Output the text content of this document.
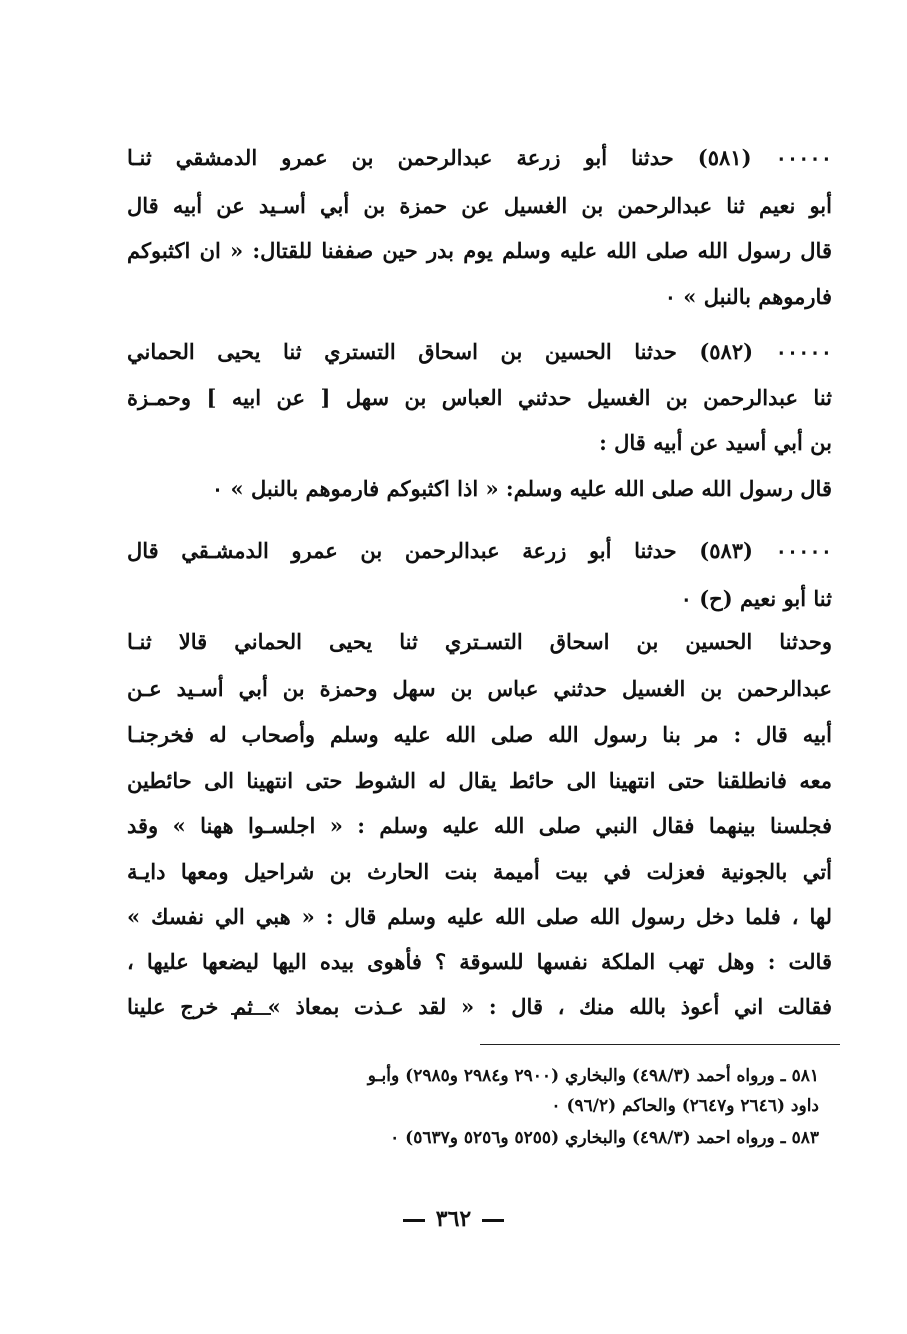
٠٠٠٠٠ (٥٨١) حدثنا أبو زرعة عبدالرحمن بن عمرو الدمشقي ثنـا
أبو نعيم ثنا عبدالرحمن بن الغسيل عن حمزة بن أبي أسـيد عن أبيه قال
قال رسول الله صلى الله عليه وسلم يوم بدر حين صففنا للقتال: « ان اكثبوكم
فارموهم بالنبل » ٠
٠٠٠٠٠ (٥٨٢) حدثنا الحسين بن اسحاق التستري ثنا يحيى الحماني
ثنا عبدالرحمن بن الغسيل حدثني العباس بن سهل [ عن ابيه ] وحمـزة
بن أبي أسيد عن أبيه قال :
قال رسول الله صلى الله عليه وسلم: « اذا اكثبوكم فارموهم بالنبل » ٠
٠٠٠٠٠ (٥٨٣) حدثنا أبو زرعة عبدالرحمن بن عمرو الدمشـقي قال
ثنا أبو نعيم (ح) ٠
وحدثنا الحسين بن اسحاق التسـتري ثنا يحيى الحماني قالا ثنـا
عبدالرحمن بن الغسيل حدثني عباس بن سهل وحمزة بن أبي أسـيد عـن
أبيه قال : مر بنا رسول الله صلى الله عليه وسلم وأصحاب له فخرجنـا
معه فانطلقنا حتى انتهينا الى حائط يقال له الشوط حتى انتهينا الى حائطين
فجلسنا بينهما فقال النبي صلى الله عليه وسلم : « اجلسـوا ههنا » وقد
أتي بالجونية فعزلت في بيت أميمة بنت الحارث بن شراحيل ومعها دايـة
لها ، فلما دخل رسول الله صلى الله عليه وسلم قال : « هبي الي نفسك »
قالت : وهل تهب الملكة نفسها للسوقة ؟ فأهوى بيده اليها ليضعها عليها ،
فقالت اني أعوذ بالله منك ، قال : « لقد عـذت بمعاذ » ثم خرج علينا
٥٨١ ـ ورواه أحمد (٤٩٨/٣) والبخاري (٢٩٠٠ و٢٩٨٤ و٢٩٨٥) وأبـو
داود (٢٦٤٦ و٢٦٤٧) والحاكم (٩٦/٢) ٠
٥٨٣ ـ ورواه احمد (٤٩٨/٣) والبخاري (٥٢٥٥ و٥٢٥٦ و٥٦٣٧) ٠
٣٦٢
